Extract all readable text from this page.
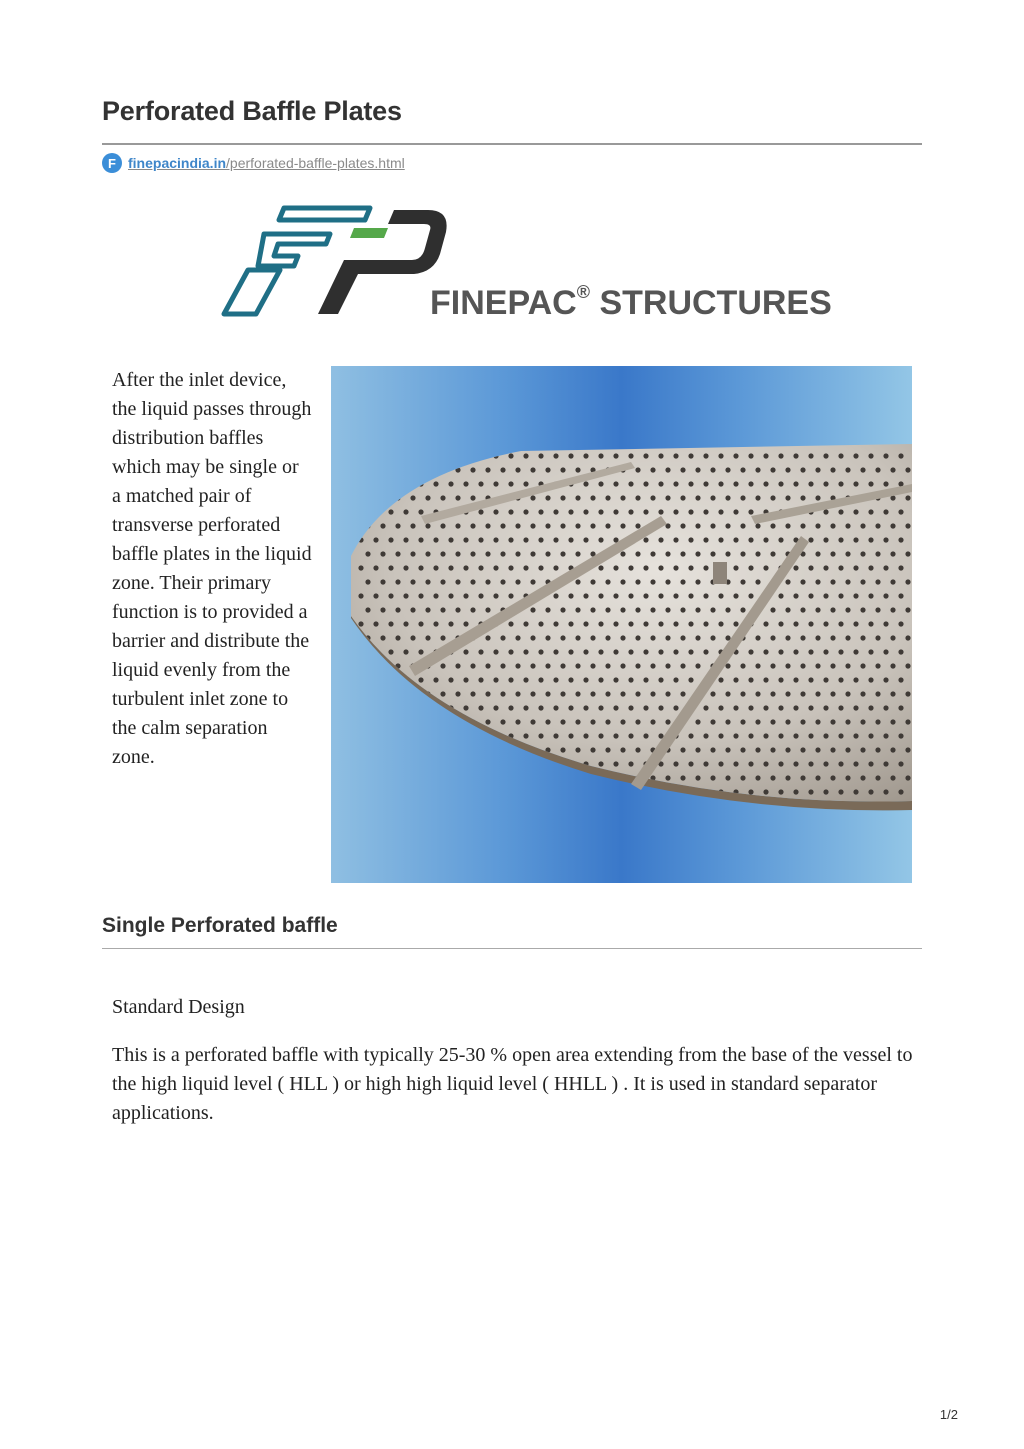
Perforated Baffle Plates
F finepacindia.in/perforated-baffle-plates.html
FINEPAC® STRUCTURES

After the inlet device, the liquid passes through distribution baffles which may be single or a matched pair of transverse perforated baffle plates in the liquid zone. Their primary function is to provided a barrier and distribute the liquid evenly from the turbulent inlet zone to the calm separation zone.

Single Perforated baffle

Standard Design

This is a perforated baffle with typically 25-30 % open area extending from the base of the vessel to the high liquid level ( HLL ) or high high liquid level ( HHLL ) . It is used in standard separator applications.

1/2
